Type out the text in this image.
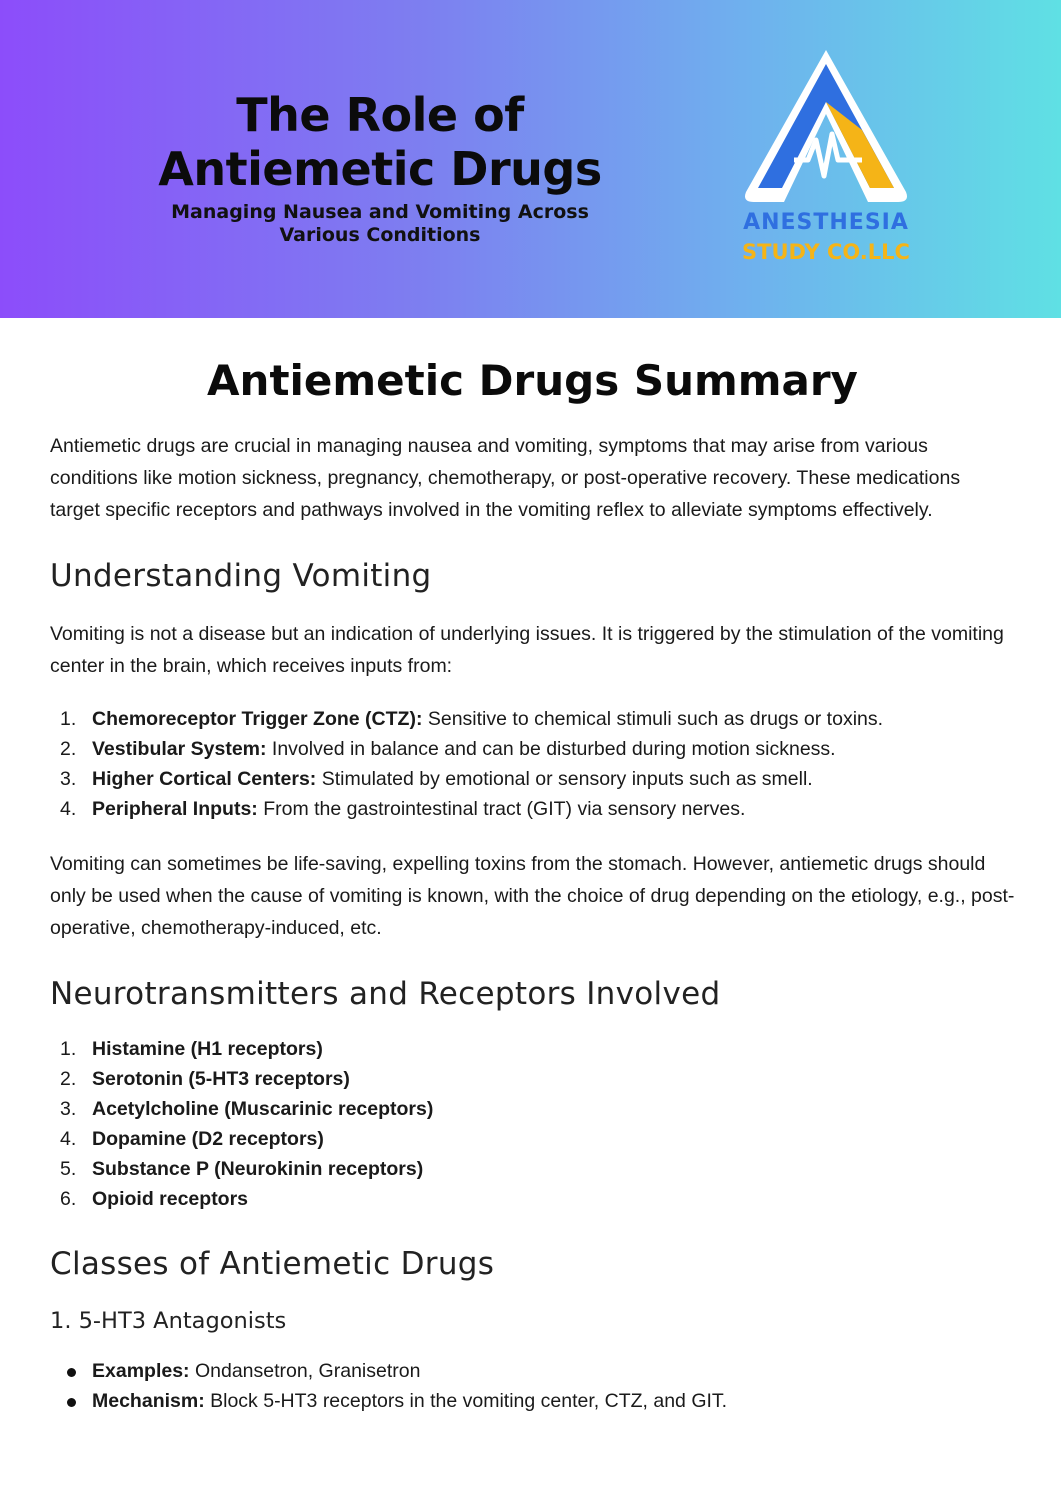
The Role of
Antiemetic Drugs
Managing Nausea and Vomiting Across
Various Conditions	ANESTHESIA
STUDY CO.LLC
Antiemetic Drugs Summary

Antiemetic drugs are crucial in managing nausea and vomiting, symptoms that may arise from various conditions like motion sickness, pregnancy, chemotherapy, or post-operative recovery. These medications target specific receptors and pathways involved in the vomiting reflex to alleviate symptoms effectively.

Understanding Vomiting

Vomiting is not a disease but an indication of underlying issues. It is triggered by the stimulation of the vomiting center in the brain, which receives inputs from:

1. Chemoreceptor Trigger Zone (CTZ): Sensitive to chemical stimuli such as drugs or toxins.
2. Vestibular System: Involved in balance and can be disturbed during motion sickness.
3. Higher Cortical Centers: Stimulated by emotional or sensory inputs such as smell.
4. Peripheral Inputs: From the gastrointestinal tract (GIT) via sensory nerves.

Vomiting can sometimes be life-saving, expelling toxins from the stomach. However, antiemetic drugs should only be used when the cause of vomiting is known, with the choice of drug depending on the etiology, e.g., post-operative, chemotherapy-induced, etc.

Neurotransmitters and Receptors Involved
1. Histamine (H1 receptors)
2. Serotonin (5-HT3 receptors)
3. Acetylcholine (Muscarinic receptors)
4. Dopamine (D2 receptors)
5. Substance P (Neurokinin receptors)
6. Opioid receptors
Classes of Antiemetic Drugs
1. 5-HT3 Antagonists
Examples: Ondansetron, Granisetron
Mechanism: Block 5-HT3 receptors in the vomiting center, CTZ, and GIT.
